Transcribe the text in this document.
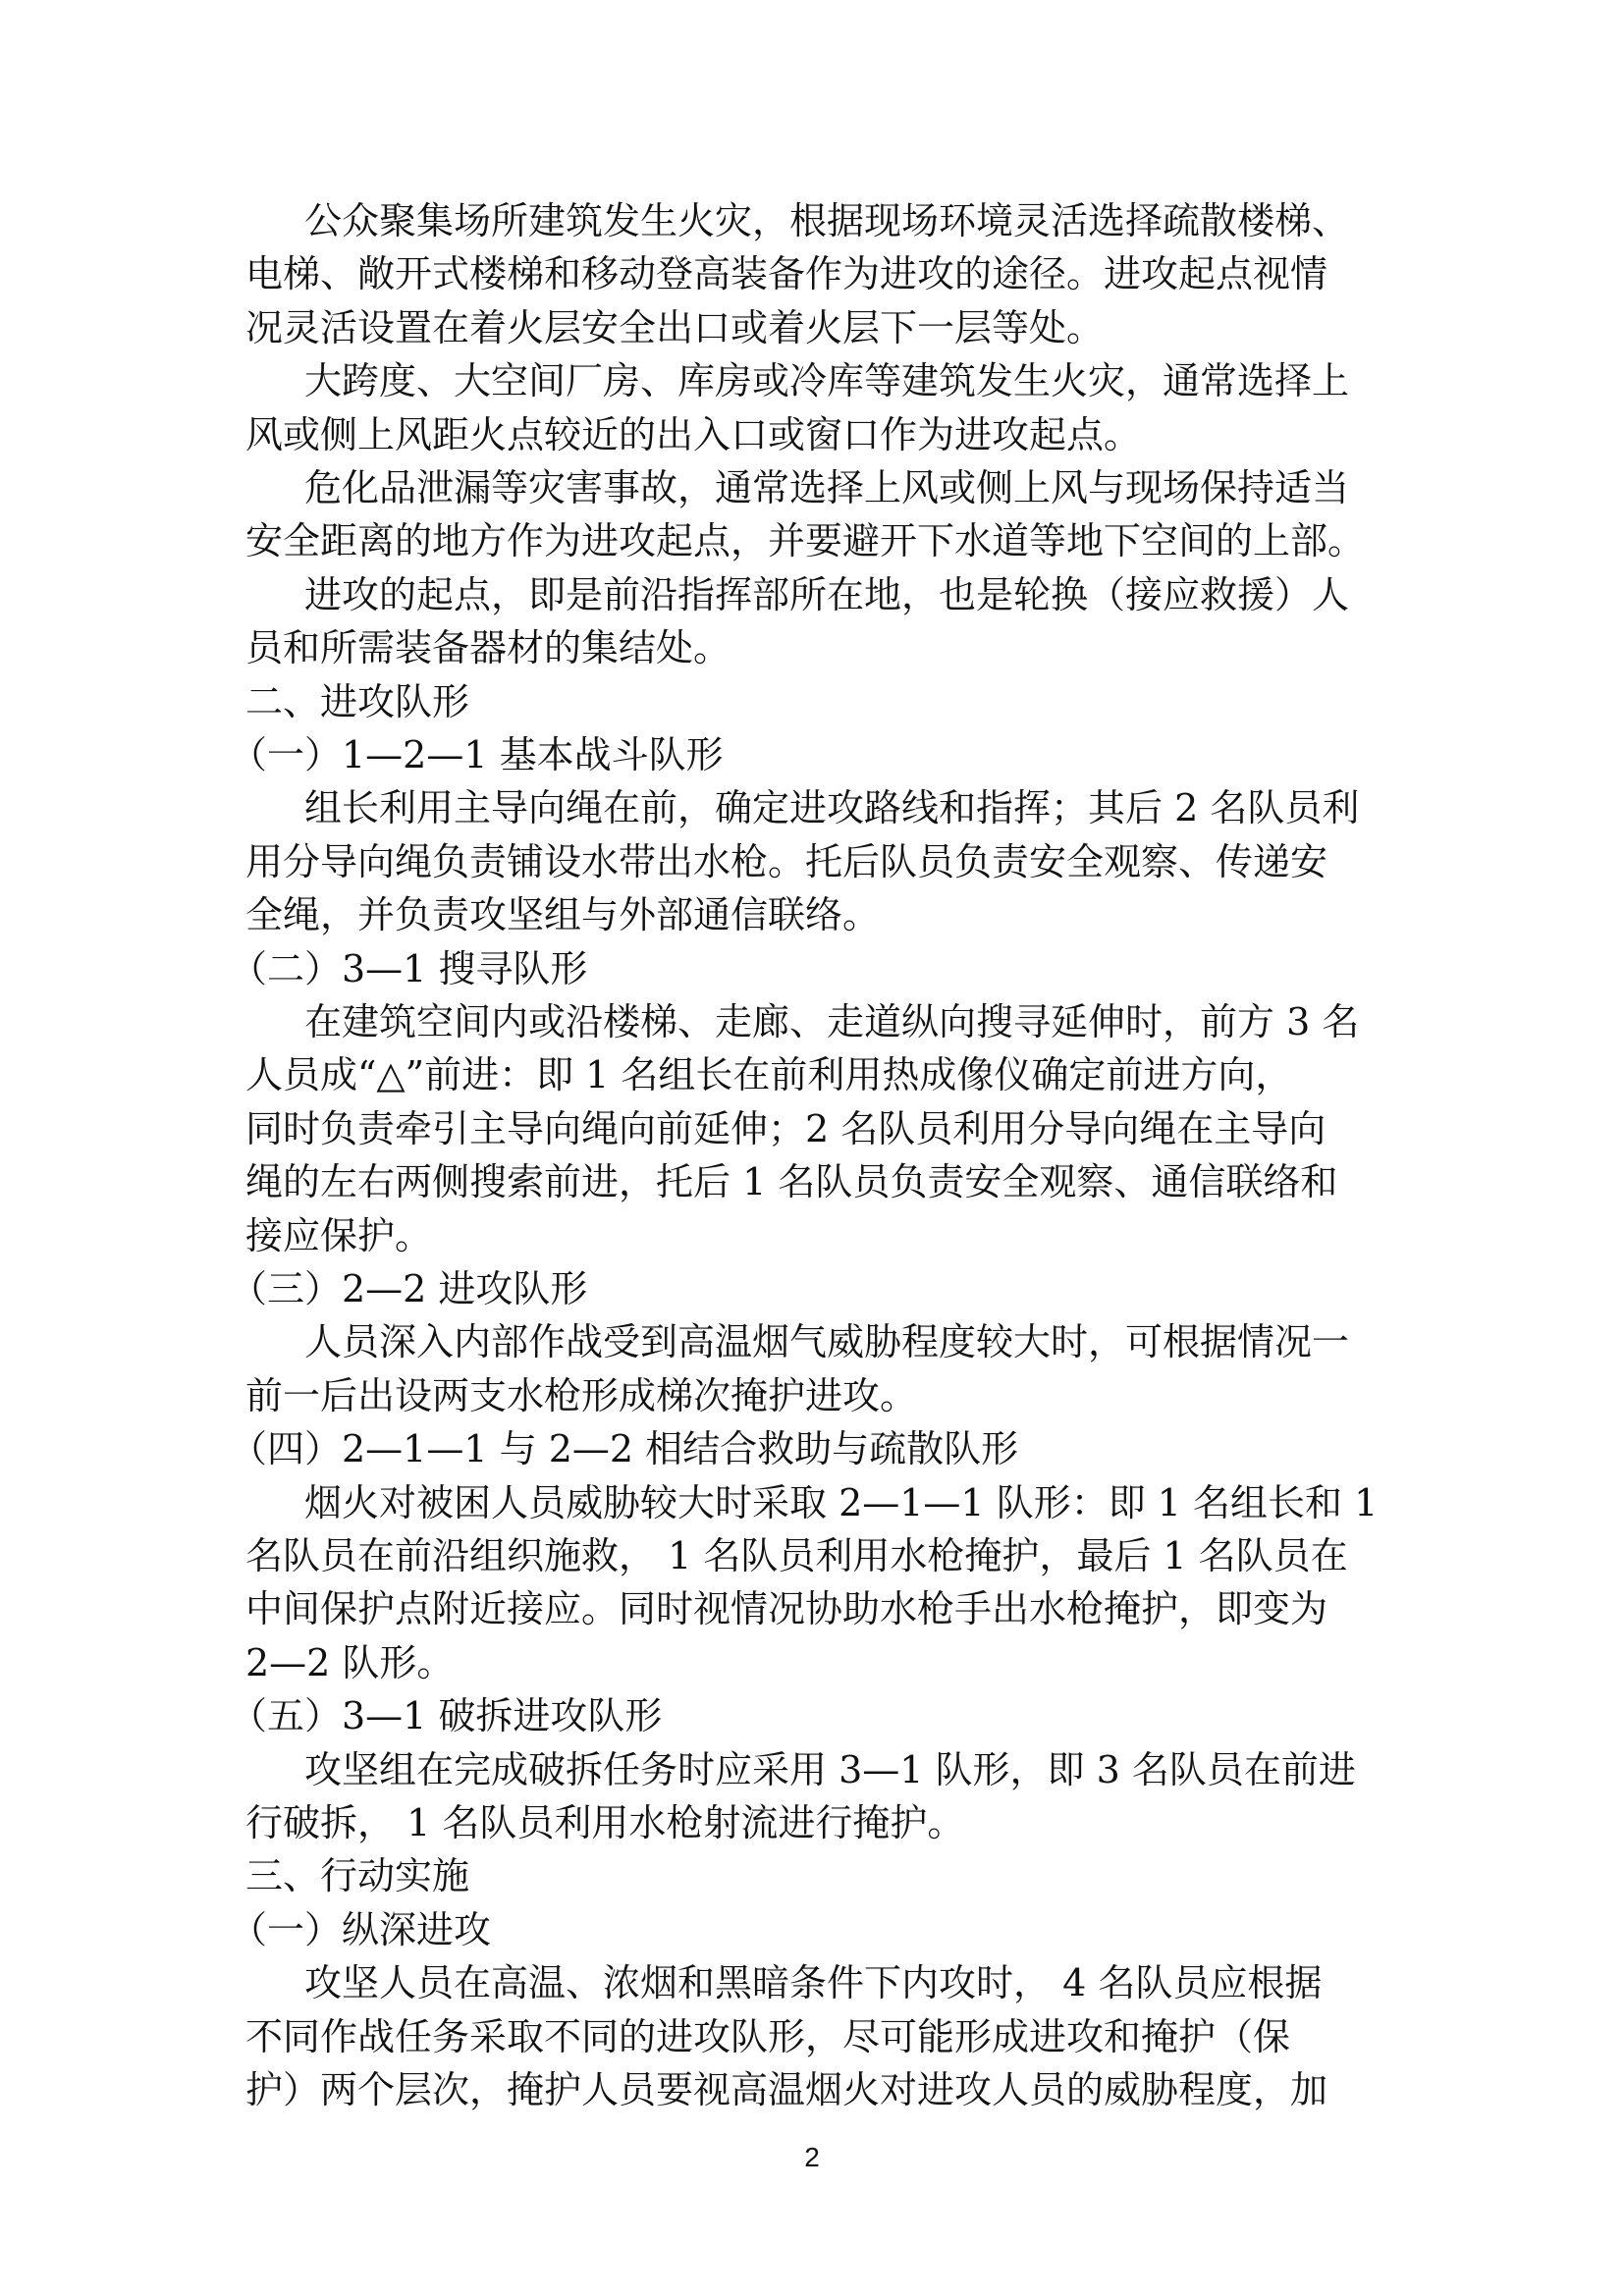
2
公众聚集场所建筑发生火灾，根据现场环境灵活选择疏散楼梯、
电梯、敞开式楼梯和移动登高装备作为进攻的途径。进攻起点视情
况灵活设置在着火层安全出口或着火层下一层等处。
大跨度、大空间厂房、库房或冷库等建筑发生火灾，通常选择上
风或侧上风距火点较近的出入口或窗口作为进攻起点。
危化品泄漏等灾害事故，通常选择上风或侧上风与现场保持适当
安全距离的地方作为进攻起点，并要避开下水道等地下空间的上部。
进攻的起点，即是前沿指挥部所在地，也是轮换（接应救援）人
员和所需装备器材的集结处。
二、进攻队形
（一）1—2—1 基本战斗队形
组长利用主导向绳在前，确定进攻路线和指挥；其后 2 名队员利
用分导向绳负责铺设水带出水枪。托后队员负责安全观察、传递安
全绳，并负责攻坚组与外部通信联络。
（二）3—1 搜寻队形
在建筑空间内或沿楼梯、走廊、走道纵向搜寻延伸时，前方 3 名
人员成“△”前进：即 1 名组长在前利用热成像仪确定前进方向，
同时负责牵引主导向绳向前延伸；2 名队员利用分导向绳在主导向
绳的左右两侧搜索前进，托后 1 名队员负责安全观察、通信联络和
接应保护。
（三）2—2 进攻队形
人员深入内部作战受到高温烟气威胁程度较大时，可根据情况一
前一后出设两支水枪形成梯次掩护进攻。
（四）2—1—1 与 2—2 相结合救助与疏散队形
烟火对被困人员威胁较大时采取 2—1—1 队形：即 1 名组长和 1
名队员在前沿组织施救， 1 名队员利用水枪掩护，最后 1 名队员在
中间保护点附近接应。同时视情况协助水枪手出水枪掩护，即变为
2—2 队形。
（五）3—1 破拆进攻队形
攻坚组在完成破拆任务时应采用 3—1 队形，即 3 名队员在前进
行破拆， 1 名队员利用水枪射流进行掩护。
三、行动实施
（一）纵深进攻
攻坚人员在高温、浓烟和黑暗条件下内攻时， 4 名队员应根据
不同作战任务采取不同的进攻队形，尽可能形成进攻和掩护（保
护）两个层次，掩护人员要视高温烟火对进攻人员的威胁程度，加
